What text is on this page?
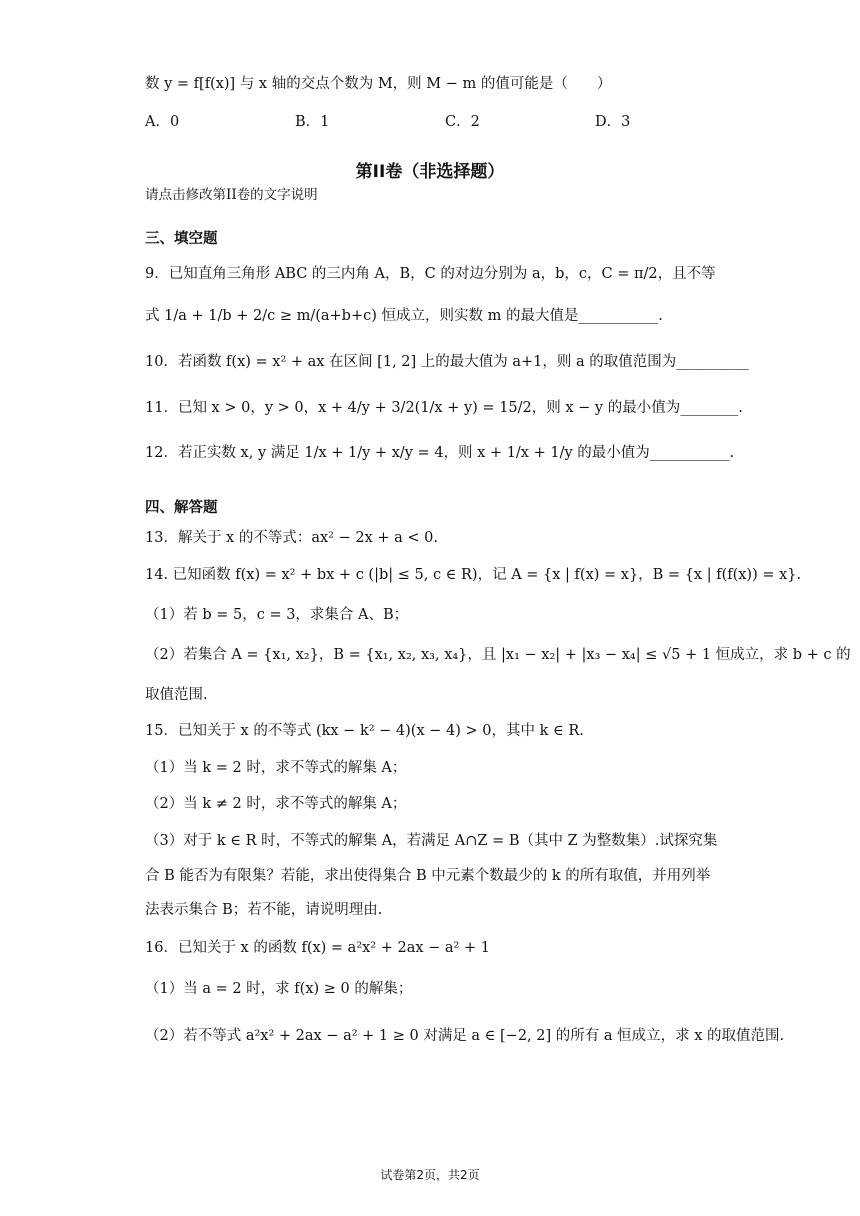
数 y = f[f(x)] 与 x 轴的交点个数为 M，则 M − m 的值可能是（　　）
A．0	B．1	C．2	D．3
第II卷（非选择题）
请点击修改第II卷的文字说明
三、填空题
9．已知直角三角形 ABC 的三内角 A，B，C 的对边分别为 a，b，c，C = π/2，且不等
式 1/a + 1/b + 2/c ≥ m/(a+b+c) 恒成立，则实数 m 的最大值是___________.
10．若函数 f(x) = x² + ax 在区间 [1, 2] 上的最大值为 a+1，则 a 的取值范围为__________
11．已知 x > 0，y > 0，x + 4/y + 3/2(1/x + y) = 15/2，则 x − y 的最小值为________.
12．若正实数 x, y 满足 1/x + 1/y + x/y = 4，则 x + 1/x + 1/y 的最小值为___________.
四、解答题
13．解关于 x 的不等式：ax² − 2x + a < 0.
14. 已知函数 f(x) = x² + bx + c (|b| ≤ 5, c ∈ R)，记 A = {x | f(x) = x}，B = {x | f(f(x)) = x}.
（1）若 b = 5，c = 3，求集合 A、B；
（2）若集合 A = {x₁, x₂}，B = {x₁, x₂, x₃, x₄}，且 |x₁ − x₂| + |x₃ − x₄| ≤ √5 + 1 恒成立，求 b + c 的
取值范围.
15．已知关于 x 的不等式 (kx − k² − 4)(x − 4) > 0，其中 k ∈ R.
（1）当 k = 2 时，求不等式的解集 A；
（2）当 k ≠ 2 时，求不等式的解集 A；
（3）对于 k ∈ R 时，不等式的解集 A，若满足 A∩Z = B（其中 Z 为整数集）.试探究集
合 B 能否为有限集？若能，求出使得集合 B 中元素个数最少的 k 的所有取值，并用列举
法表示集合 B；若不能，请说明理由.
16．已知关于 x 的函数 f(x) = a²x² + 2ax − a² + 1
（1）当 a = 2 时，求 f(x) ≥ 0 的解集；
（2）若不等式 a²x² + 2ax − a² + 1 ≥ 0 对满足 a ∈ [−2, 2] 的所有 a 恒成立，求 x 的取值范围.
试卷第2页，共2页
